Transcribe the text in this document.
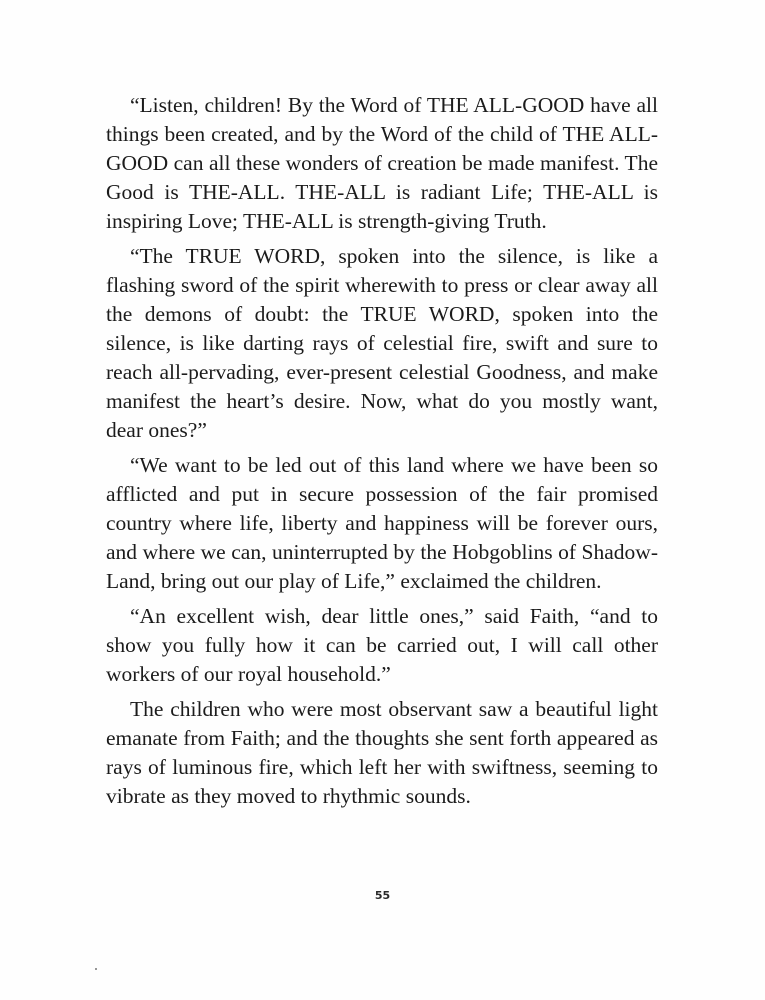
“Listen, children! By the Word of THE ALL-GOOD have all things been created, and by the Word of the child of THE ALL-GOOD can all these wonders of creation be made manifest. The Good is THE-ALL. THE-ALL is radiant Life; THE-ALL is inspiring Love; THE-ALL is strength-giving Truth.

“The TRUE WORD, spoken into the silence, is like a flashing sword of the spirit wherewith to press or clear away all the demons of doubt: the TRUE WORD, spoken into the silence, is like darting rays of celestial fire, swift and sure to reach all-pervading, ever-present celestial Goodness, and make manifest the heart’s desire. Now, what do you mostly want, dear ones?”

“We want to be led out of this land where we have been so afflicted and put in secure possession of the fair promised country where life, liberty and happiness will be forever ours, and where we can, uninterrupted by the Hobgoblins of Shadow-Land, bring out our play of Life,” exclaimed the children.

“An excellent wish, dear little ones,” said Faith, “and to show you fully how it can be carried out, I will call other workers of our royal household.”

The children who were most observant saw a beautiful light emanate from Faith; and the thoughts she sent forth appeared as rays of luminous fire, which left her with swiftness, seeming to vibrate as they moved to rhythmic sounds.

55
